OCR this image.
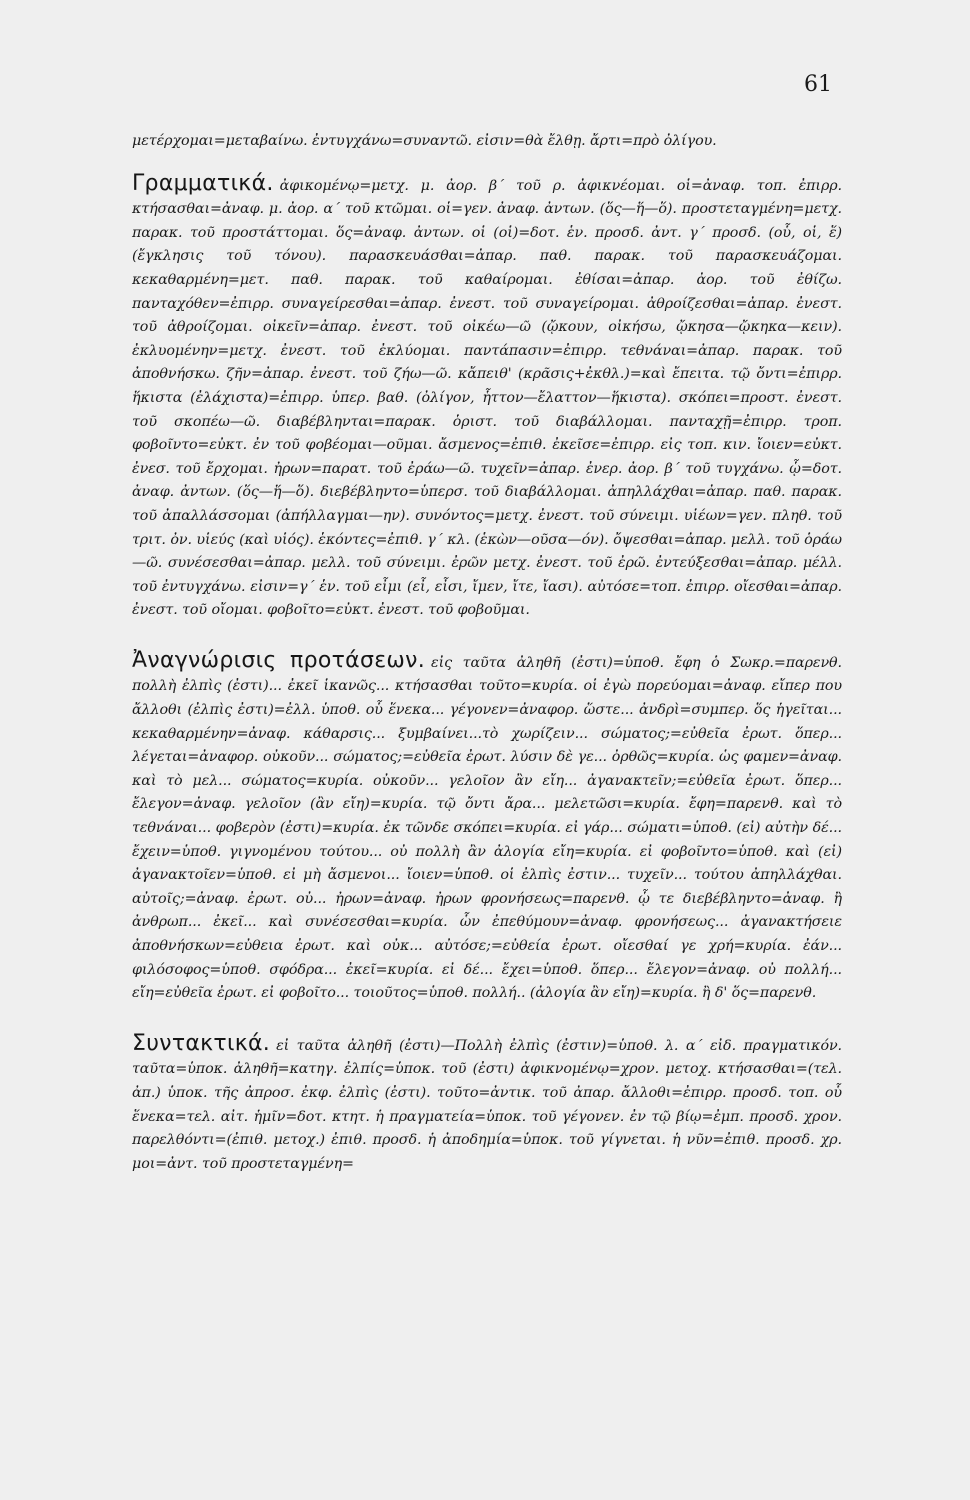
61

μετέρχομαι=μεταβαίνω. ἐντυγχάνω=συναντῶ. εἰσιν=θὰ ἔλθῃ. ἄρτι=πρὸ ὀλίγου.

Γραμματικά. ἀφικομένῳ=μετχ. μ. ἀορ. β΄ τοῦ ρ. ἀφικνέομαι. οἱ=ἀναφ. τοπ. ἐπιρρ. κτήσασθαι=ἀναφ. μ. ἀορ. α΄ τοῦ κτῶμαι. οἱ=γεν. ἀναφ. ἀντων. (ὅς—ἥ—ὅ). προστεταγμένη=μετχ. παρακ. τοῦ προστάττομαι. ὅς=ἀναφ. ἀντων. οἱ (οἱ)=δοτ. ἑν. προσδ. ἀντ. γ΄ προσδ. (οὗ, οἱ, ἕ) (ἔγκλησις τοῦ τόνου). παρασκευάσθαι=ἀπαρ. παθ. παρακ. τοῦ παρασκευάζομαι. κεκαθαρμένη=μετ. παθ. παρακ. τοῦ καθαίρομαι. ἐθίσαι=ἀπαρ. ἀορ. τοῦ ἐθίζω. πανταχόθεν=ἐπιρρ. συναγείρεσθαι=ἀπαρ. ἐνεστ. τοῦ συναγείρομαι. ἀθροίζεσθαι=ἀπαρ. ἐνεστ. τοῦ ἀθροίζομαι. οἰκεῖν=ἀπαρ. ἐνεστ. τοῦ οἰκέω—ῶ (ᾤκουν, οἰκήσω, ᾤκησα—ᾤκηκα—κειν). ἐκλυομένην=μετχ. ἐνεστ. τοῦ ἐκλύομαι. παντάπασιν=ἐπιρρ. τεθνάναι=ἀπαρ. παρακ. τοῦ ἀποθνήσκω. ζῆν=ἀπαρ. ἐνεστ. τοῦ ζήω—ῶ. κἄπειθ' (κρᾶσις+ἐκθλ.)=καὶ ἔπειτα. τῷ ὄντι=ἐπιρρ. ἥκιστα (ἐλάχιστα)=ἐπιρρ. ὑπερ. βαθ. (ὀλίγον, ἧττον—ἔλαττον—ἥκιστα). σκόπει=προστ. ἐνεστ. τοῦ σκοπέω—ῶ. διαβέβληνται=παρακ. ὁριστ. τοῦ διαβάλλομαι. πανταχῇ=ἐπιρρ. τροπ. φοβοῖντο=εὐκτ. ἐν τοῦ φοβέομαι—οῦμαι. ἄσμενος=ἐπιθ. ἐκεῖσε=ἐπιρρ. εἰς τοπ. κιν. ἴοιεν=εὐκτ. ἐνεσ. τοῦ ἔρχομαι. ἠρων=παρατ. τοῦ ἐράω—ῶ. τυχεῖν=ἀπαρ. ἐνερ. ἀορ. β΄ τοῦ τυγχάνω. ᾧ=δοτ. ἀναφ. ἀντων. (ὅς—ἥ—ὅ). διεβέβληντο=ὑπερσ. τοῦ διαβάλλομαι. ἀπηλλάχθαι=ἀπαρ. παθ. παρακ. τοῦ ἀπαλλάσσομαι (ἀπήλλαγμαι—ην). συνόντος=μετχ. ἐνεστ. τοῦ σύνειμι. υἱέων=γεν. πληθ. τοῦ τριτ. ὀν. υἱεύς (καὶ υἱός). ἑκόντες=ἐπιθ. γ΄ κλ. (ἑκὼν—οῦσα—όν). ὄψεσθαι=ἀπαρ. μελλ. τοῦ ὁράω—ῶ. συνέσεσθαι=ἀπαρ. μελλ. τοῦ σύνειμι. ἐρῶν μετχ. ἐνεστ. τοῦ ἐρῶ. ἐντεύξεσθαι=ἀπαρ. μέλλ. τοῦ ἐντυγχάνω. εἰσιν=γ΄ ἑν. τοῦ εἶμι (εἶ, εἶσι, ἴμεν, ἴτε, ἴασι). αὐτόσε=τοπ. ἐπιρρ. οἴεσθαι=ἀπαρ. ἐνεστ. τοῦ οἴομαι. φοβοῖτο=εὐκτ. ἐνεστ. τοῦ φοβοῦμαι.
Ἀναγνώρισις προτάσεων. εἰς ταῦτα ἀληθῆ (ἐστι)=ὑποθ. ἔφη ὁ Σωκρ.=παρενθ. πολλὴ ἐλπὶς (ἐστι)... ἐκεῖ ἱκανῶς... κτήσασθαι τοῦτο=κυρία. οἱ ἐγὼ πορεύομαι=ἀναφ. εἴπερ που ἄλλοθι (ἐλπὶς ἐστι)=ἐλλ. ὑποθ. οὗ ἕνεκα... γέγονεν=ἀναφορ. ὥστε... ἀνδρὶ=συμπερ. ὅς ἡγεῖται... κεκαθαρμένην=ἀναφ. κάθαρσις... ξυμβαίνει...τὸ χωρίζειν... σώματος;=εὐθεῖα ἐρωτ. ὅπερ... λέγεται=ἀναφορ. οὐκοῦν... σώματος;=εὐθεῖα ἐρωτ. λύσιν δὲ γε... ὀρθῶς=κυρία. ὡς φαμεν=ἀναφ. καὶ τὸ μελ... σώματος=κυρία. οὐκοῦν... γελοῖον ἂν εἴη... ἀγανακτεῖν;=εὐθεῖα ἐρωτ. ὅπερ... ἔλεγον=ἀναφ. γελοῖον (ἂν εἴη)=κυρία. τῷ ὄντι ἄρα... μελετῶσι=κυρία. ἔφη=παρενθ. καὶ τὸ τεθνάναι... φοβερὸν (ἐστι)=κυρία. ἐκ τῶνδε σκόπει=κυρία. εἰ γάρ... σώματι=ὑποθ. (εἰ) αὐτὴν δέ... ἔχειν=ὑποθ. γιγνομένου τούτου... οὐ πολλὴ ἂν ἀλογία εἴη=κυρία. εἰ φοβοῖντο=ὑποθ. καὶ (εἰ) ἀγανακτοῖεν=ὑποθ. εἰ μὴ ἄσμενοι... ἴοιεν=ὑποθ. οἱ ἐλπὶς ἐστιν... τυχεῖν... τούτου ἀπηλλάχθαι. αὐτοῖς;=ἀναφ. ἐρωτ. οὐ... ἠρων=ἀναφ. ἠρων φρονήσεως=παρενθ. ᾧ τε διεβέβληντο=ἀναφ. ἢ ἀνθρωπ... ἐκεῖ... καὶ συνέσεσθαι=κυρία. ὧν ἐπεθύμουν=ἀναφ. φρονήσεως... ἀγανακτήσειε ἀποθνήσκων=εὐθεια ἐρωτ. καὶ οὐκ... αὐτόσε;=εὐθεία ἐρωτ. οἴεσθαί γε χρή=κυρία. ἐάν... φιλόσοφος=ὑποθ. σφόδρα... ἐκεῖ=κυρία. εἰ δέ... ἔχει=ὑποθ. ὅπερ... ἔλεγον=ἀναφ. οὐ πολλή... εἴη=εὐθεῖα ἐρωτ. εἰ φοβοῖτο... τοιοῦτος=ὑποθ. πολλή.. (ἀλογία ἂν εἴη)=κυρία. ἢ δ' ὅς=παρενθ.
Συντακτικά. εἰ ταῦτα ἀληθῆ (ἐστι)—Πολλὴ ἐλπὶς (ἐστιν)=ὑποθ. λ. α΄ εἰδ. πραγματικόν. ταῦτα=ὑποκ. ἀληθῆ=κατηγ. ἐλπίς=ὑποκ. τοῦ (ἐστι) ἀφικνομένῳ=χρον. μετοχ. κτήσασθαι=(τελ. ἀπ.) ὑποκ. τῆς ἀπροσ. ἐκφ. ἐλπὶς (ἐστι). τοῦτο=ἀντικ. τοῦ ἀπαρ. ἄλλοθι=ἐπιρρ. προσδ. τοπ. οὗ ἕνεκα=τελ. αἰτ. ἡμῖν=δοτ. κτητ. ἡ πραγματεία=ὑποκ. τοῦ γέγονεν. ἐν τῷ βίῳ=ἐμπ. προσδ. χρον. παρελθόντι=(ἐπιθ. μετοχ.) ἐπιθ. προσδ. ἡ ἀποδημία=ὑποκ. τοῦ γίγνεται. ἡ νῦν=ἐπιθ. προσδ. χρ. μοι=ἀντ. τοῦ προστεταγμένη=
